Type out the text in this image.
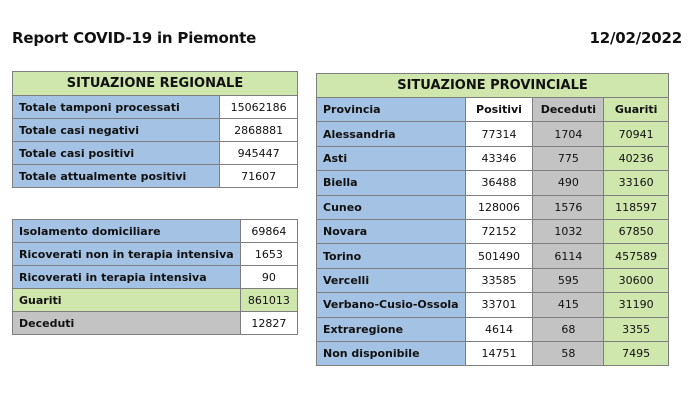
Report COVID-19 in Piemonte	12/02/2022
SITUAZIONE REGIONALE	
Totale tamponi processati	15062186
Totale casi negativi	2868881
Totale casi positivi	945447
Totale attualmente positivi	71607
Isolamento domiciliare	69864
Ricoverati non in terapia intensiva	1653
Ricoverati in terapia intensiva	90
Guariti	861013
Deceduti	12827
SITUAZIONE PROVINCIALE			
Provincia	Positivi	Deceduti	Guariti
Alessandria	77314	1704	70941
Asti	43346	775	40236
Biella	36488	490	33160
Cuneo	128006	1576	118597
Novara	72152	1032	67850
Torino	501490	6114	457589
Vercelli	33585	595	30600
Verbano-Cusio-Ossola	33701	415	31190
Extraregione	4614	68	3355
Non disponibile	14751	58	7495
